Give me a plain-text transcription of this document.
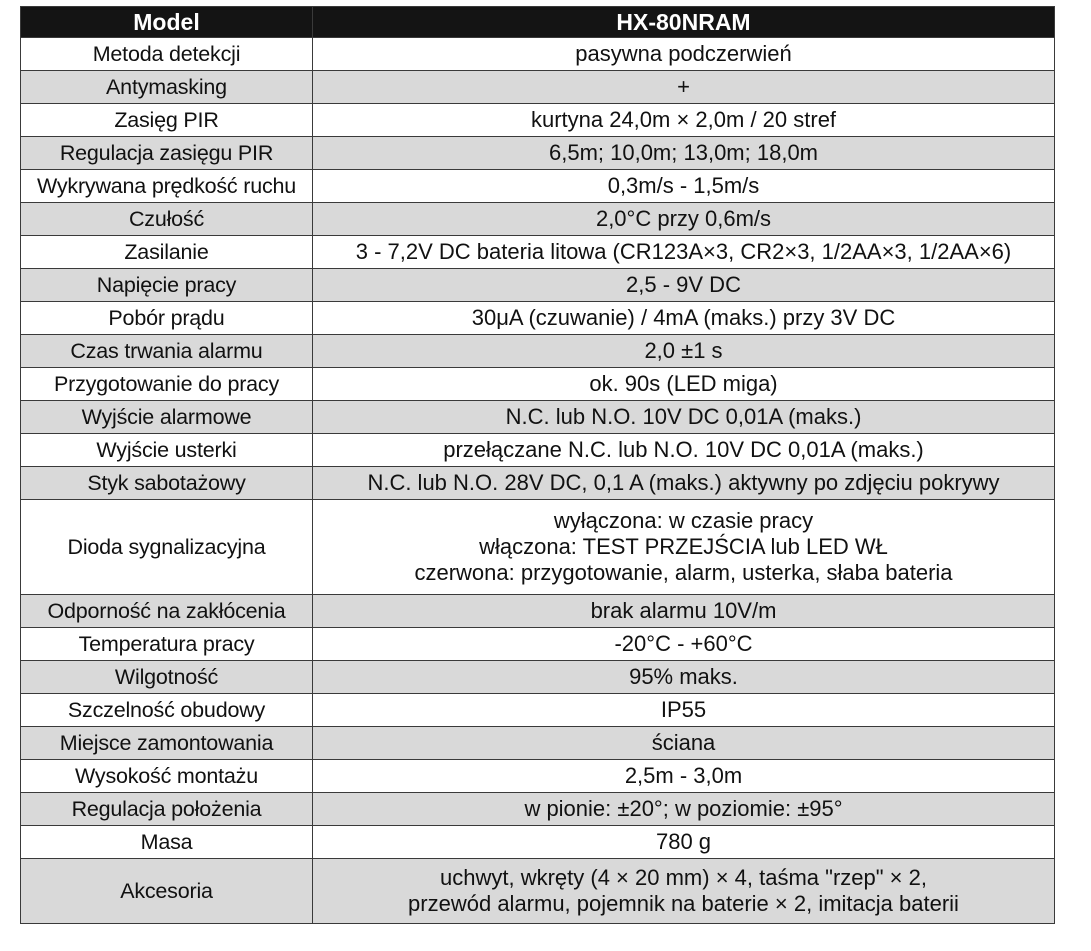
Model	HX-80NRAM
Metoda detekcji	pasywna podczerwień

Antymasking	+

Zasięg PIR	kurtyna 24,0m × 2,0m / 20 stref

Regulacja zasięgu PIR	6,5m; 10,0m; 13,0m; 18,0m

Wykrywana prędkość ruchu	0,3m/s - 1,5m/s

Czułość	2,0°C przy 0,6m/s

Zasilanie	3 - 7,2V DC bateria litowa (CR123A×3, CR2×3, 1/2AA×3, 1/2AA×6)

Napięcie pracy	2,5 - 9V DC

Pobór prądu	30μA (czuwanie) / 4mA (maks.) przy 3V DC

Czas trwania alarmu	2,0 ±1 s

Przygotowanie do pracy	ok. 90s (LED miga)

Wyjście alarmowe	N.C. lub N.O. 10V DC 0,01A (maks.)

Wyjście usterki	przełączane N.C. lub N.O. 10V DC 0,01A (maks.)

Styk sabotażowy	N.C. lub N.O. 28V DC, 0,1 A (maks.) aktywny po zdjęciu pokrywy

Dioda sygnalizacyjna	wyłączona: w czasie pracy
włączona: TEST PRZEJŚCIA lub LED WŁ
czerwona: przygotowanie, alarm, usterka, słaba bateria

Odporność na zakłócenia	brak alarmu 10V/m

Temperatura pracy	-20°C - +60°C

Wilgotność	95% maks.

Szczelność obudowy	IP55

Miejsce zamontowania	ściana

Wysokość montażu	2,5m - 3,0m

Regulacja położenia	w pionie: ±20°; w poziomie: ±95°

Masa	780 g

Akcesoria	uchwyt, wkręty (4 × 20 mm) × 4, taśma "rzep" × 2,
przewód alarmu, pojemnik na baterie × 2, imitacja baterii
